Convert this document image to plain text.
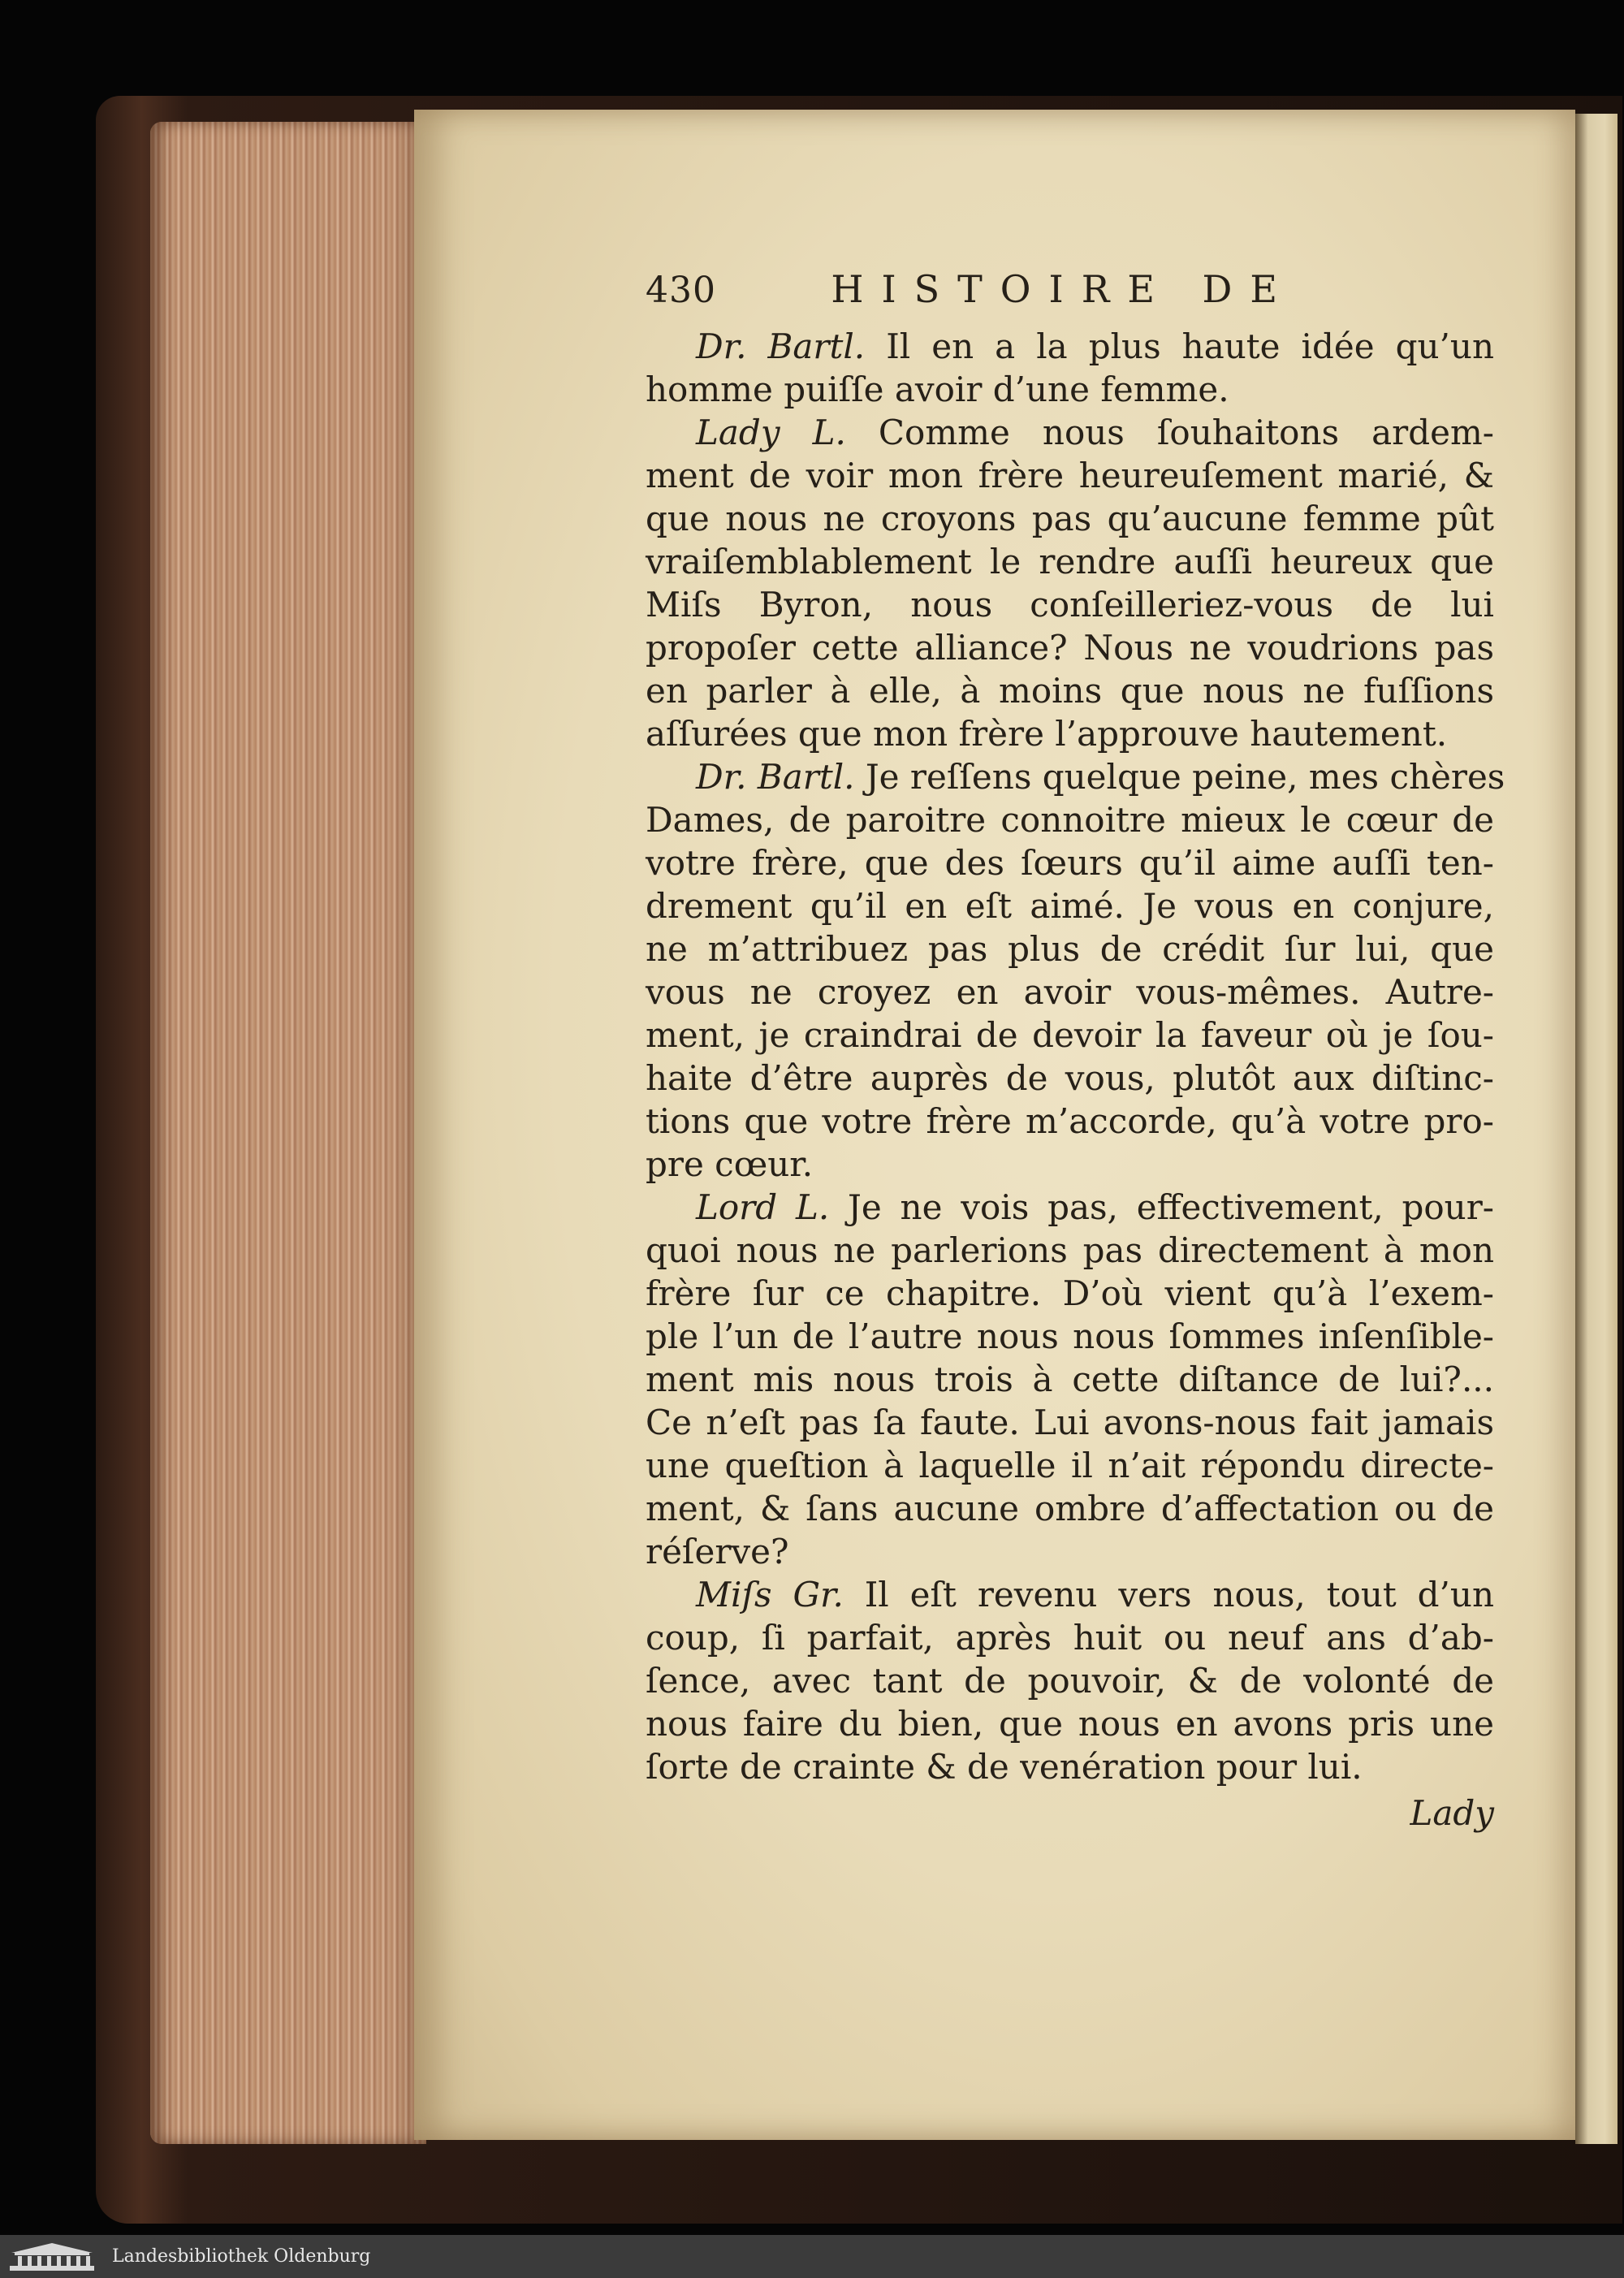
430	HISTOIRE DE
Dr. Bartl. Il en a la plus haute idée qu’un
homme puiſſe avoir d’une femme.
Lady L. Comme nous ſouhaitons ardem-
ment de voir mon frère heureuſement marié, &
que nous ne croyons pas qu’aucune femme pût
vraiſemblablement le rendre auſſi heureux que
Miſs Byron, nous conſeilleriez-vous de lui
propoſer cette alliance? Nous ne voudrions pas
en parler à elle, à moins que nous ne fuſſions
aſſurées que mon frère l’approuve hautement.
Dr. Bartl. Je reſſens quelque peine, mes chères
Dames, de paroitre connoitre mieux le cœur de
votre frère, que des ſœurs qu’il aime auſſi ten-
drement qu’il en eſt aimé. Je vous en conjure,
ne m’attribuez pas plus de crédit ſur lui, que
vous ne croyez en avoir vous-mêmes. Autre-
ment, je craindrai de devoir la faveur où je ſou-
haite d’être auprès de vous, plutôt aux diſtinc-
tions que votre frère m’accorde, qu’à votre pro-
pre cœur.
Lord L. Je ne vois pas, effectivement, pour-
quoi nous ne parlerions pas directement à mon
frère ſur ce chapitre. D’où vient qu’à l’exem-
ple l’un de l’autre nous nous ſommes inſenſible-
ment mis nous trois à cette diſtance de lui?...
Ce n’eſt pas ſa faute. Lui avons-nous fait jamais
une queſtion à laquelle il n’ait répondu directe-
ment, & ſans aucune ombre d’affectation ou de
réſerve?
Miſs Gr. Il eſt revenu vers nous, tout d’un
coup, ſi parfait, après huit ou neuf ans d’ab-
ſence, avec tant de pouvoir, & de volonté de
nous faire du bien, que nous en avons pris une
ſorte de crainte & de venération pour lui.
Lady
Landesbibliothek Oldenburg
